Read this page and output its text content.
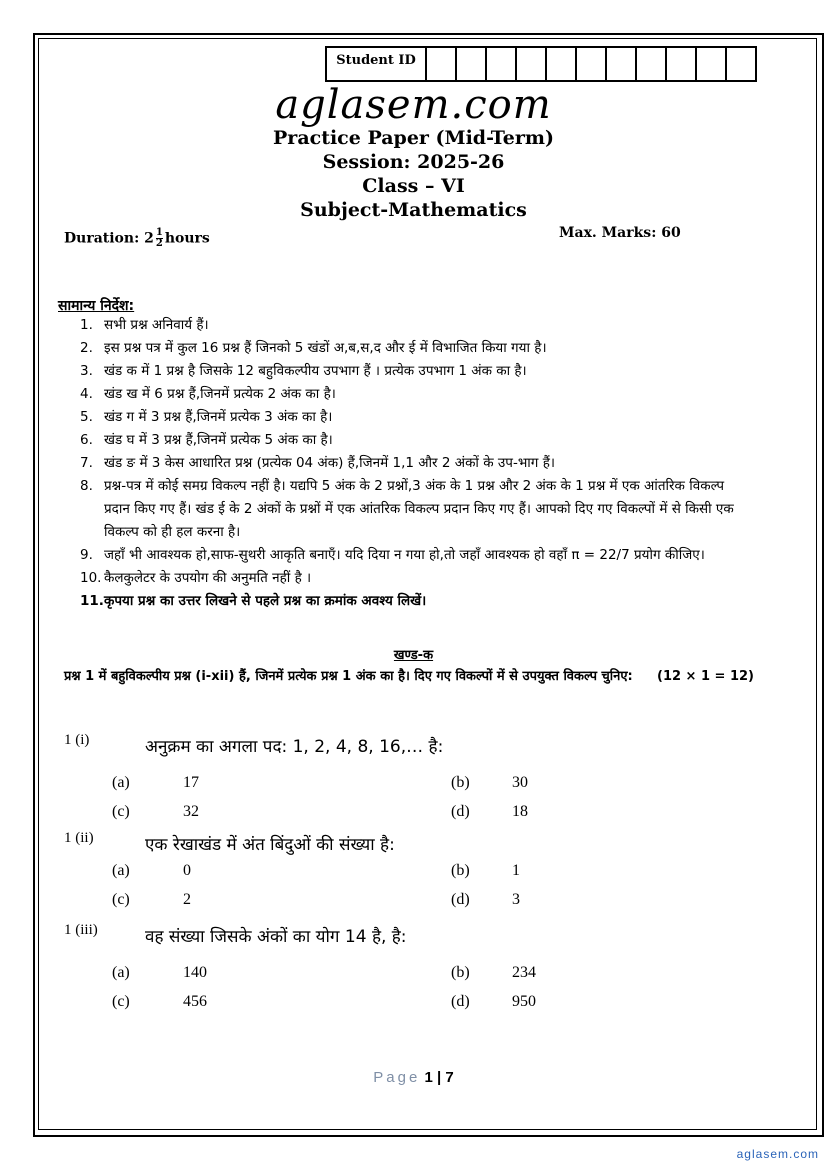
Student ID
aglasem.com
Practice Paper (Mid-Term)
Session: 2025-26
Class – VI
Subject-Mathematics
Duration: $2 \frac{1}{2}$ hours	Max. Marks: 60
सामान्य निर्देश:
1. सभी प्रश्न अनिवार्य हैं।
2. इस प्रश्न पत्र में कुल 16 प्रश्न हैं जिनको 5 खंडों अ,ब,स,द और ई में विभाजित किया गया है।
3. खंड क में 1 प्रश्न है जिसके 12 बहुविकल्पीय उपभाग हैं । प्रत्येक उपभाग 1 अंक का है।
4. खंड ख में 6 प्रश्न हैं,जिनमें प्रत्येक 2 अंक का है।
5. खंड ग में 3 प्रश्न हैं,जिनमें प्रत्येक 3 अंक का है।
6. खंड घ में 3 प्रश्न हैं,जिनमें प्रत्येक 5 अंक का है।
7. खंड ङ में 3 केस आधारित प्रश्न (प्रत्येक 04 अंक) हैं,जिनमें 1,1 और 2 अंकों के उप-भाग हैं।
8. प्रश्न-पत्र में कोई समग्र विकल्प नहीं है। यद्यपि 5 अंक के 2 प्रश्नों,3 अंक के 1 प्रश्न और 2 अंक के 1 प्रश्न में एक आंतरिक विकल्प प्रदान किए गए हैं। खंड ई के 2 अंकों के प्रश्नों में एक आंतरिक विकल्प प्रदान किए गए हैं। आपको दिए गए विकल्पों में से किसी एक विकल्प को ही हल करना है।
9. जहाँ भी आवश्यक हो,साफ-सुथरी आकृति बनाएँ। यदि दिया न गया हो,तो जहाँ आवश्यक हो वहाँ π = 22/7 प्रयोग कीजिए।
10. कैलकुलेटर के उपयोग की अनुमति नहीं है ।
11. कृपया प्रश्न का उत्तर लिखने से पहले प्रश्न का क्रमांक अवश्य लिखें।
खण्ड-क
प्रश्न 1 में बहुविकल्पीय प्रश्न (i-xii) हैं, जिनमें प्रत्येक प्रश्न 1 अंक का है। दिए गए विकल्पों में से उपयुक्त विकल्प चुनिए:	(12 × 1 = 12)
1 (i)	अनुक्रम का अगला पद: 1, 2, 4, 8, 16,… है:
(a)	17	(b)	30
(c)	32	(d)	18
1 (ii)	एक रेखाखंड में अंत बिंदुओं की संख्या है:
(a)	0	(b)	1
(c)	2	(d)	3
1 (iii)	वह संख्या जिसके अंकों का योग 14 है, है:
(a)	140	(b)	234
(c)	456	(d)	950
Page 1 | 7
aglasem.com
